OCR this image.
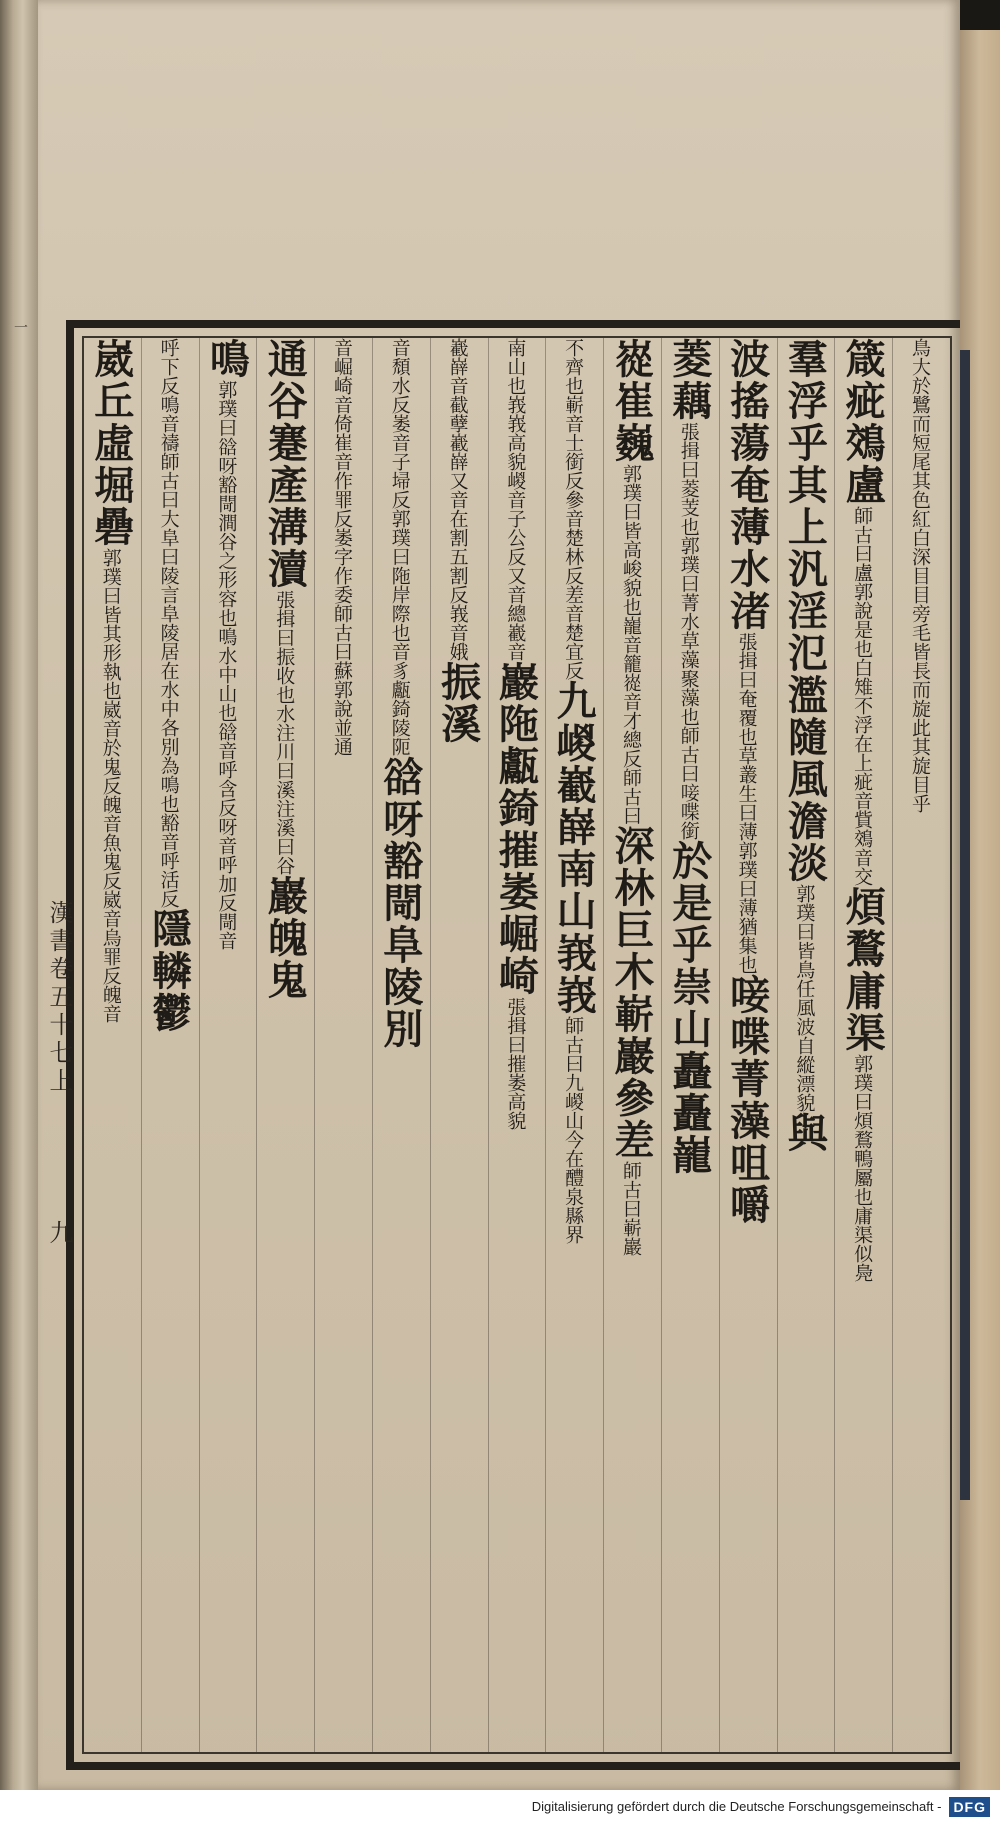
一
鳥大於鷺而短尾其色紅白深目目旁毛皆長而旋此其旋目乎
箴疵鵁盧師古曰盧郭說是也白雉不浮在上疵音貲鵁音交煩鶩庸渠郭璞曰煩鶩鴨屬也庸渠似鳧
羣浮乎其上汎淫氾濫隨風澹淡郭璞曰皆鳥任風波自縱漂貌與
波搖蕩奄薄水渚張揖曰奄覆也草叢生曰薄郭璞曰薄猶集也唼喋菁藻咀嚼
菱藕張揖曰菱芰也郭璞曰菁水草藻聚藻也師古曰唼喋銜於是乎崇山矗矗巃
嵸崔巍郭璞曰皆高峻貌也巃音籠嵸音才總反師古曰深林巨木嶄巖參差師古曰嶄巖
不齊也嶄音士銜反參音楚林反差音楚宜反九嵕嶻嶭南山峩峩師古曰九嵕山今在醴泉縣界
南山也峩峩高貌嵕音子公反又音總嶻音巖陁甗錡摧崣崛崎張揖曰摧崣高貌
嶻嶭音截孽嶻嶭又音在割五割反峩音娥振溪
音頹水反崣音子埽反郭璞曰陁岸際也音豸甗錡陵阨谽呀豁閜阜陵別
音崛崎音倚崔音作罪反崣字作委師古曰蘇郭說並通
通谷蹇產溝瀆張揖曰振收也水注川曰溪注溪曰谷巖魄鬼
鳴郭璞曰谽呀豁閜澗谷之形容也鳴水中山也谽音呼含反呀音呼加反閜音
呼下反鳴音禱師古曰大阜曰陵言阜陵居在水中各別為鳴也豁音呼活反隱轔鬱
崴丘虛堀礨郭璞曰皆其形執也崴音於鬼反魄音魚鬼反崴音烏罪反魄音
漢書卷五十七上
九
Digitalisierung gefördert durch die Deutsche Forschungsgemeinschaft - DFG
